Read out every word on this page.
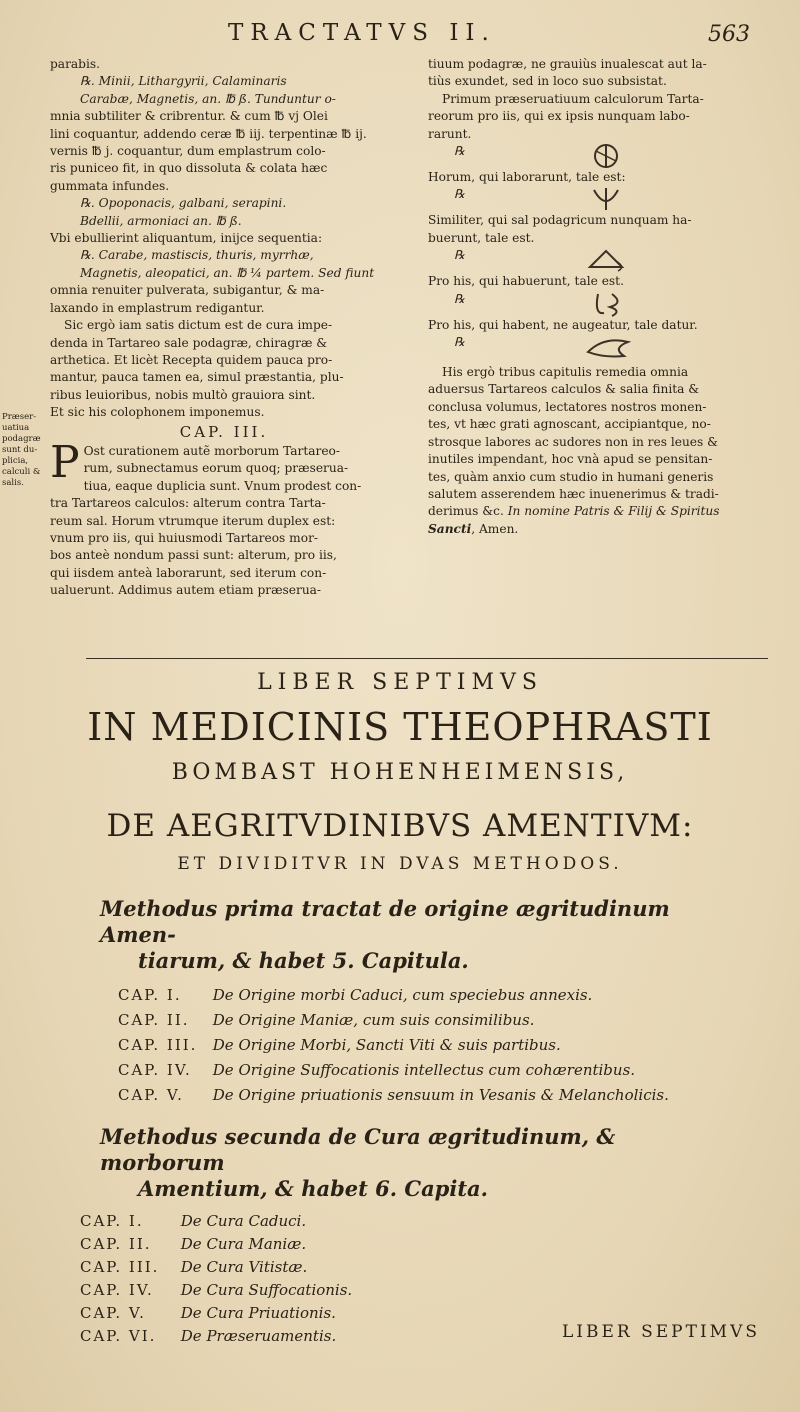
TRACTATVS II.	563
parabis.
℞. Minii, Lithargyrii, Calaminaris
Carabæ, Magnetis, an. ℔ ß. Tunduntur o-
mnia subtiliter & cribrentur. & cum ℔ vj Olei
lini coquantur, addendo ceræ ℔ iij. terpentinæ ℔ ij.
vernis ℔ j. coquantur, dum emplastrum colo-
ris puniceo fit, in quo dissoluta & colata hæc
gummata infundes.
℞. Opoponacis, galbani, serapini.
Bdellii, armoniaci an. ℔ ß.
Vbi ebullierint aliquantum, inijce sequentia:
℞. Carabe, mastiscis, thuris, myrrhæ,
Magnetis, aleopatici, an. ℔ ¼ partem. Sed fiunt
omnia renuiter pulverata, subigantur, & ma-
laxando in emplastrum redigantur.
Sic ergò iam satis dictum est de cura impe-
denda in Tartareo sale podagræ, chiragræ &
arthetica. Et licèt Recepta quidem pauca pro-
mantur, pauca tamen ea, simul præstantia, plu-
ribus leuioribus, nobis multò grauiora sint.
Et sic his colophonem imponemus.
CAP. III.
P Ost curationem autẽ morborum Tartareo-
rum, subnectamus eorum quoq; præserua-
tiua, eaque duplicia sunt. Vnum prodest con-
tra Tartareos calculos: alterum contra Tarta-
reum sal. Horum vtrumque iterum duplex est:
vnum pro iis, qui huiusmodi Tartareos mor-
bos anteè nondum passi sunt: alterum, pro iis,
qui iisdem anteà laborarunt, sed iterum con-
ualuerunt. Addimus autem etiam præserua-
Præser-
uatiua
podagræ
sunt du-
plicia,
calculi &
salis.
tiuum podagræ, ne grauiùs inualescat aut la-
tiùs exundet, sed in loco suo subsistat.
Primum præseruatiuum calculorum Tarta-
reorum pro iis, qui ex ipsis nunquam labo-
rarunt.
℞
Horum, qui laborarunt, tale est:
℞
Similiter, qui sal podagricum nunquam ha-
buerunt, tale est.
℞
Pro his, qui habuerunt, tale est.
℞
Pro his, qui habent, ne augeatur, tale datur.
℞
His ergò tribus capitulis remedia omnia
aduersus Tartareos calculos & salia finita &
conclusa volumus, lectatores nostros monen-
tes, vt hæc grati agnoscant, accipiantque, no-
strosque labores ac sudores non in res leues &
inutiles impendant, hoc vnà apud se pensitan-
tes, quàm anxio cum studio in humani generis
salutem asserendem hæc inuenerimus & tradi-
derimus &c. In nomine Patris & Filij & Spiritus
Sancti, Amen.
LIBER SEPTIMVS
IN MEDICINIS THEOPHRASTI
BOMBAST HOHENHEIMENSIS,
DE AEGRITVDINIBVS AMENTIVM:
ET DIVIDITVR IN DVAS METHODOS.
Methodus prima tractat de origine ægritudinum Amen-
tiarum, & habet 5. Capitula.
CAP. I. De Origine morbi Caduci, cum speciebus annexis.
CAP. II. De Origine Maniæ, cum suis consimilibus.
CAP. III. De Origine Morbi, Sancti Viti & suis partibus.
CAP. IV. De Origine Suffocationis intellectus cum cohærentibus.
CAP. V. De Origine priuationis sensuum in Vesanis & Melancholicis.
Methodus secunda de Cura ægritudinum, & morborum
Amentium, & habet 6. Capita.
CAP. I. De Cura Caduci.
CAP. II. De Cura Maniæ.
CAP. III. De Cura Vitistæ.
CAP. IV. De Cura Suffocationis.
CAP. V. De Cura Priuationis.
CAP. VI. De Præseruamentis.	LIBER SEPTIMVS
